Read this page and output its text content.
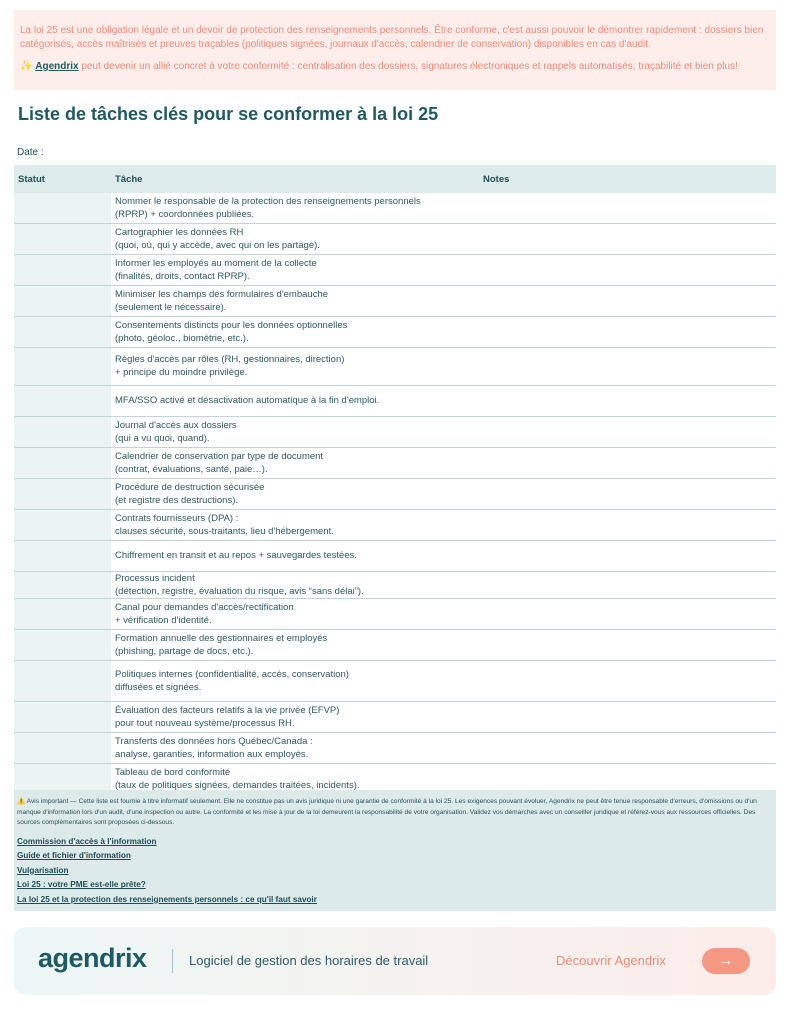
La loi 25 est une obligation légale et un devoir de protection des renseignements personnels. Être conforme, c'est aussi pouvoir le démontrer rapidement : dossiers bien catégorisés, accès maîtrisés et preuves traçables (politiques signées, journaux d'accès, calendrier de conservation) disponibles en cas d'audit.

✨ Agendrix peut devenir un allié concret à votre conformité : centralisation des dossiers, signatures électroniques et rappels automatisés, traçabilité et bien plus!

Liste de tâches clés pour se conformer à la loi 25
Date :
Statut	Tâche	Notes

	Nommer le responsable de la protection des renseignements personnels
(RPRP) + coordonnées publiées.	

	Cartographier les données RH
(quoi, où, qui y accède, avec qui on les partage).	

	Informer les employés au moment de la collecte
(finalités, droits, contact RPRP).	

	Minimiser les champs des formulaires d'embauche
(seulement le nécessaire).	

	Consentements distincts pour les données optionnelles
(photo, géoloc., biométrie, etc.).	

	Règles d'accès par rôles (RH, gestionnaires, direction)
+ principe du moindre privilège.	

	MFA/SSO activé et désactivation automatique à la fin d'emploi.	

	Journal d'accès aux dossiers
(qui a vu quoi, quand).	

	Calendrier de conservation par type de document
(contrat, évaluations, santé, paie…).	

	Procédure de destruction sécurisée
(et registre des destructions).	

	Contrats fournisseurs (DPA) :
clauses sécurité, sous-traitants, lieu d'hébergement.	

	Chiffrement en transit et au repos + sauvegardes testées.	

	Processus incident
(détection, registre, évaluation du risque, avis “sans délai”).	

	Canal pour demandes d'accès/rectification
+ vérification d'identité.	

	Formation annuelle des gestionnaires et employés
(phishing, partage de docs, etc.).	

	Politiques internes (confidentialité, accès, conservation)
diffusées et signées.	

	Évaluation des facteurs relatifs à la vie privée (EFVP)
pour tout nouveau système/processus RH.	

	Transferts des données hors Québec/Canada :
analyse, garanties, information aux employés.	

	Tableau de bord conformité
(taux de politiques signées, demandes traitées, incidents).	

⚠️ Avis important — Cette liste est fournie à titre informatif seulement. Elle ne constitue pas un avis juridique ni une garantie de conformité à la loi 25. Les exigences pouvant évoluer, Agendrix ne peut être tenue responsable d'erreurs, d'omissions ou d'un manque d'information lors d'un audit, d'une inspection ou autre. La conformité et les mise à jour de la loi demeurent la responsabilité de votre organisation. Validez vos démarches avec un conseiller juridique et référez-vous aux ressources officielles. Des sources complémentaires sont proposées ci-dessous.

Commission d'accès à l'information
Guide et fichier d'information
Vulgarisation
Loi 25 : votre PME est-elle prête?
La loi 25 et la protection des renseignements personnels : ce qu'il faut savoir
agendrix	Logiciel de gestion des horaires de travail	Découvrir Agendrix	→
